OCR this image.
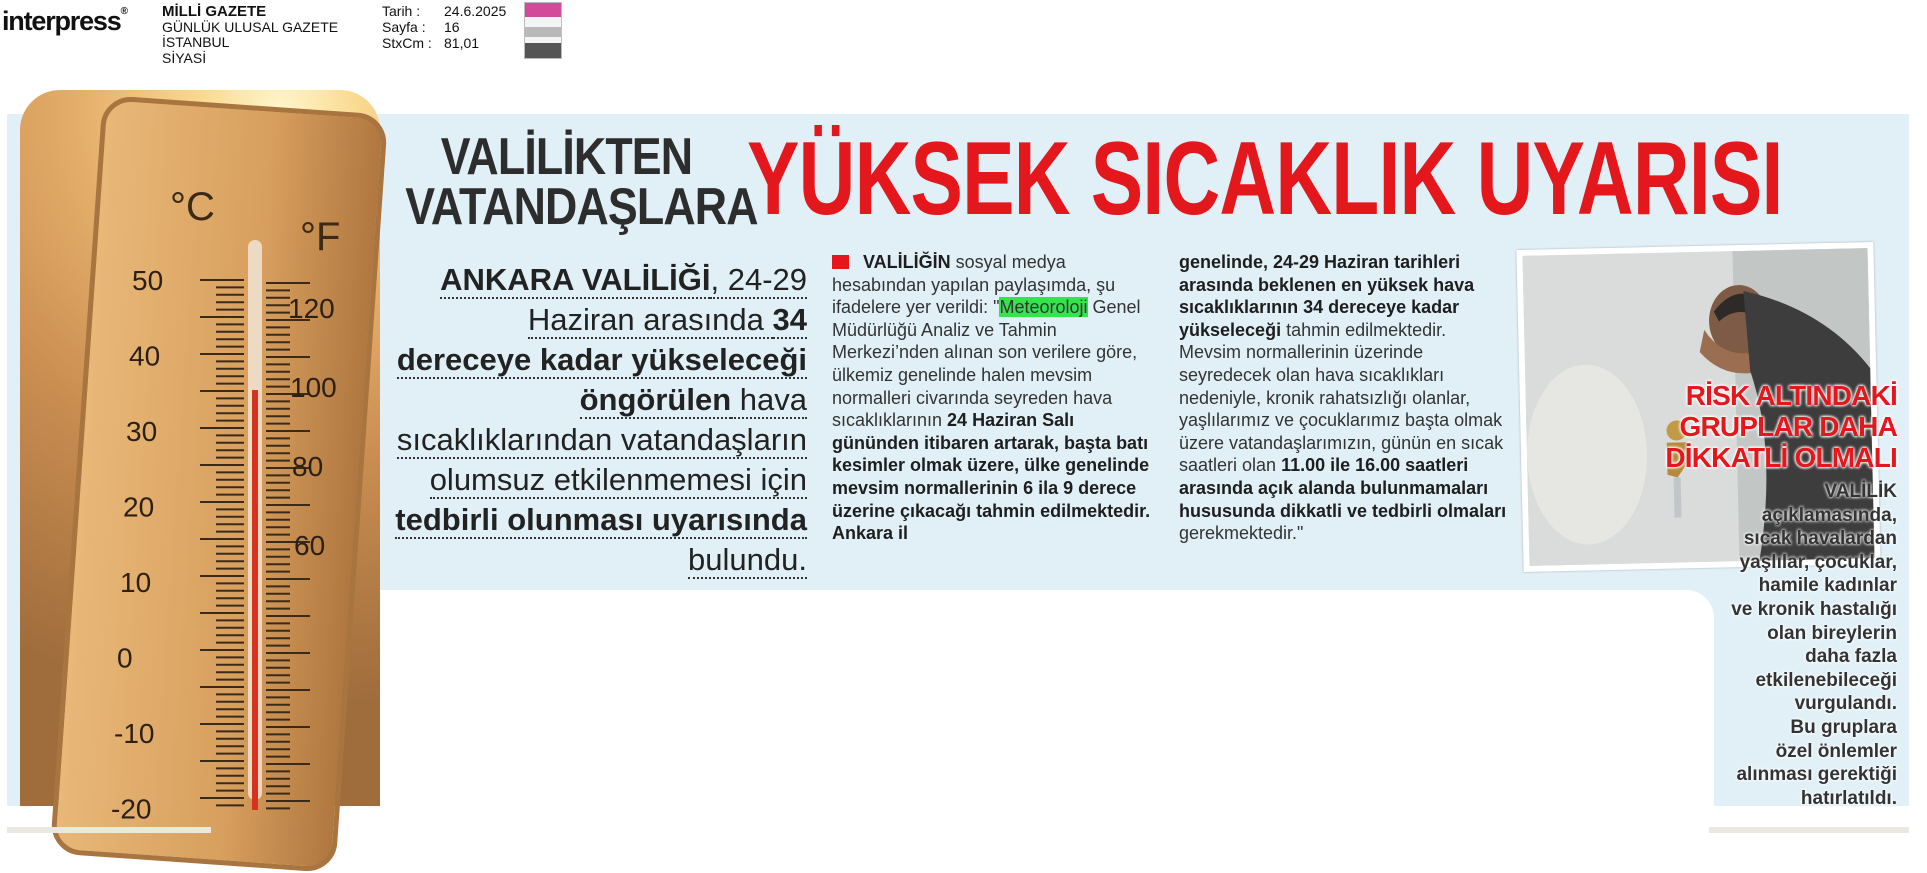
interpress® MİLLİ GAZETE
GÜNLÜK ULUSAL GAZETE
İSTANBUL
SİYASİ
Tarih :	24.6.2025
Sayfa :	16
StxCm : 81,01
VALİLİKTEN
VATANDAŞLARA
YÜKSEK SICAKLIK UYARISI
ANKARA VALİLİĞİ, 24-29 Haziran arasında 34 dereceye kadar yükseleceği öngörülen hava sıcaklıklarından vatandaşların olumsuz etkilenmemesi için tedbirli olunması uyarısında bulundu.
VALİLİĞİN sosyal medya hesabından yapılan paylaşımda, şu ifadelere yer verildi: "Meteoroloji Genel Müdürlüğü Analiz ve Tahmin Merkezi’nden alınan son verilere göre, ülkemiz genelinde halen mevsim normalleri civarında seyreden hava sıcaklıklarının 24 Haziran Salı gününden itibaren artarak, başta batı kesimler olmak üzere, ülke genelinde mevsim normallerinin 6 ila 9 derece üzerine çıkacağı tahmin edilmektedir. Ankara il
genelinde, 24-29 Haziran tarihleri arasında beklenen en yüksek hava sıcaklıklarının 34 dereceye kadar yükseleceği tahmin edilmektedir. Mevsim normallerinin üzerinde seyredecek olan hava sıcaklıkları nedeniyle, kronik rahatsızlığı olanlar, yaşlılarımız ve çocuklarımız başta olmak üzere vatandaşlarımızın, günün en sıcak saatleri olan 11.00 ile 16.00 saatleri arasında açık alanda bulunmamaları hususunda dikkatli ve tedbirli olmaları gerekmektedir."
RİSK ALTINDAKİ
GRUPLAR DAHA
DİKKATLİ OLMALI
VALİLİK
açıklamasında,
sıcak havalardan
yaşlılar, çocuklar,
hamile kadınlar
ve kronik hastalığı
olan bireylerin
daha fazla
etkilenebileceği
vurgulandı.
Bu gruplara
özel önlemler
alınması gerektiği
hatırlatıldı.
50
40
30
20
10
0
-10
-20
120
100
80
60
°C
°F
